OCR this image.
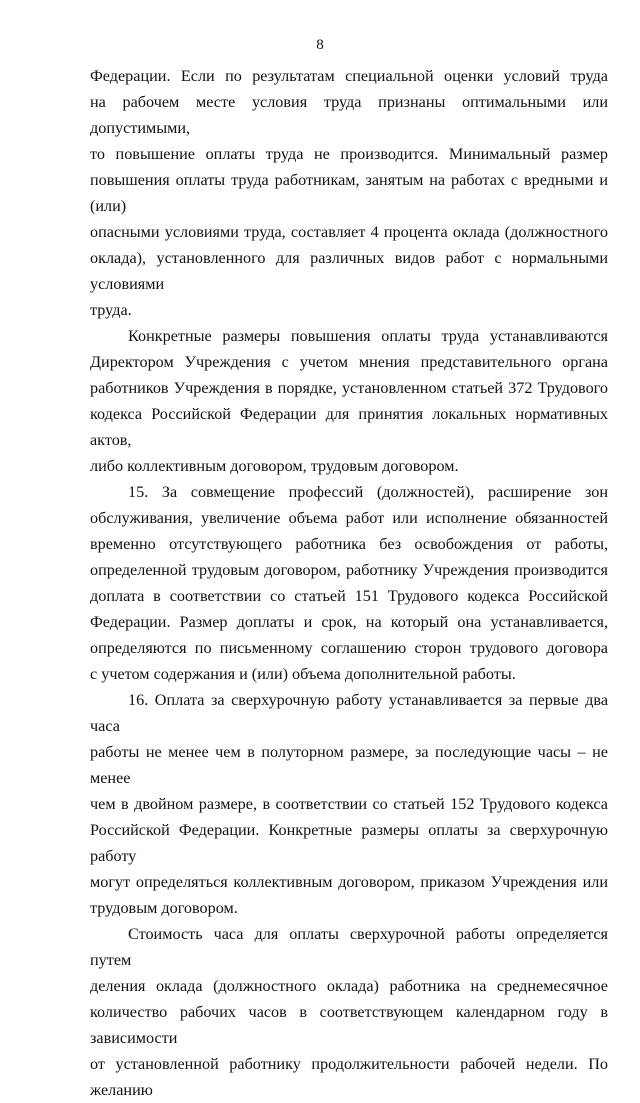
8

Федерации. Если по результатам специальной оценки условий труда

на рабочем месте условия труда признаны оптимальными или допустимыми,

то повышение оплаты труда не производится. Минимальный размер

повышения оплаты труда работникам, занятым на работах с вредными и (или)

опасными условиями труда, составляет 4 процента оклада (должностного

оклада), установленного для различных видов работ с нормальными условиями

труда.

Конкретные размеры повышения оплаты труда устанавливаются

Директором Учреждения с учетом мнения представительного органа

работников Учреждения в порядке, установленном статьей 372 Трудового

кодекса Российской Федерации для принятия локальных нормативных актов,

либо коллективным договором, трудовым договором.

15. За совмещение профессий (должностей), расширение зон

обслуживания, увеличение объема работ или исполнение обязанностей

временно отсутствующего работника без освобождения от работы,

определенной трудовым договором, работнику Учреждения производится

доплата в соответствии со статьей 151 Трудового кодекса Российской

Федерации. Размер доплаты и срок, на который она устанавливается,

определяются по письменному соглашению сторон трудового договора

с учетом содержания и (или) объема дополнительной работы.

16. Оплата за сверхурочную работу устанавливается за первые два часа

работы не менее чем в полуторном размере, за последующие часы – не менее

чем в двойном размере, в соответствии со статьей 152 Трудового кодекса

Российской Федерации. Конкретные размеры оплаты за сверхурочную работу

могут определяться коллективным договором, приказом Учреждения или

трудовым договором.

Стоимость часа для оплаты сверхурочной работы определяется путем

деления оклада (должностного оклада) работника на среднемесячное

количество рабочих часов в соответствующем календарном году в зависимости

от установленной работнику продолжительности рабочей недели. По желанию
